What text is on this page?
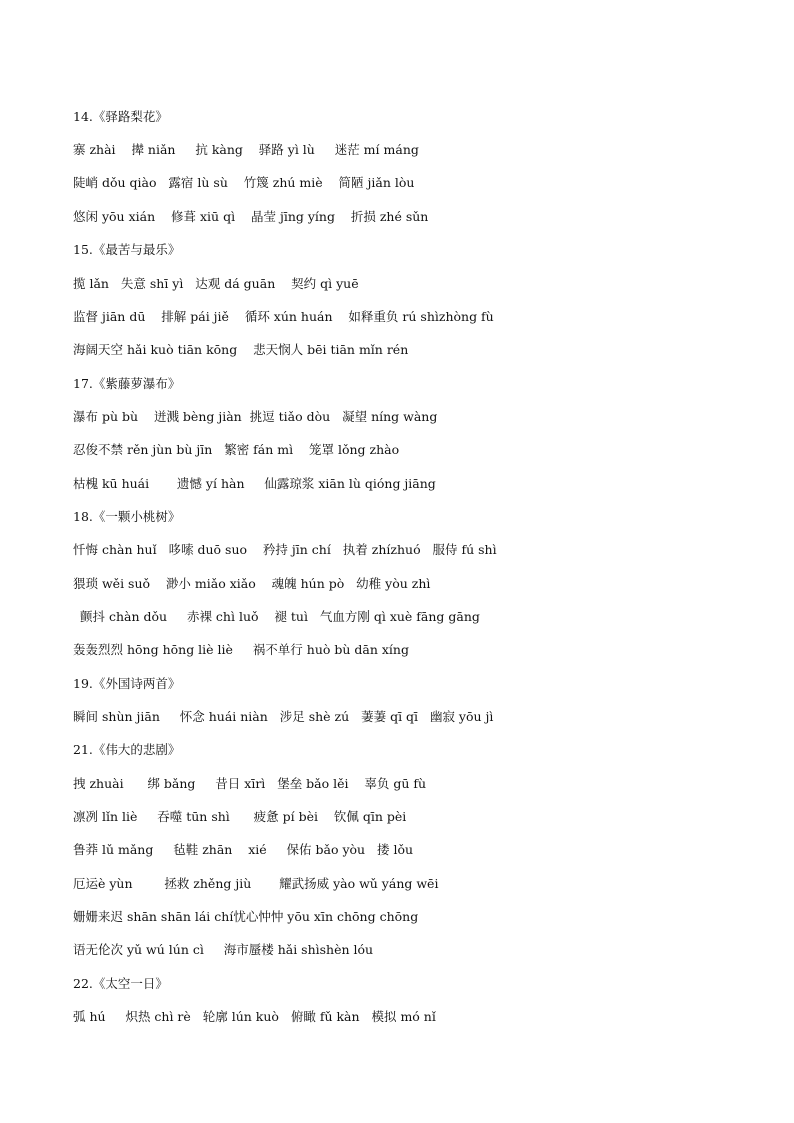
14.《驿路梨花》
寨 zhài    撵 niǎn     抗 kàng    驿路 yì lù     迷茫 mí máng
陡峭 dǒu qiào   露宿 lù sù    竹篾 zhú miè    简陋 jiǎn lòu
悠闲 yōu xián    修葺 xiū qì    晶莹 jīng yíng    折损 zhé sǔn
15.《最苦与最乐》
揽 lǎn   失意 shī yì   达观 dá guān    契约 qì yuē
监督 jiān dū    排解 pái jiě    循环 xún huán    如释重负 rú shìzhòng fù
海阔天空 hǎi kuò tiān kōng    悲天悯人 bēi tiān mǐn rén
17.《紫藤萝瀑布》
瀑布 pù bù    迸溅 bèng jiàn  挑逗 tiǎo dòu   凝望 níng wàng
忍俊不禁 rěn jùn bù jīn   繁密 fán mì    笼罩 lǒng zhào
枯槐 kū huái       遗憾 yí hàn     仙露琼浆 xiān lù qióng jiāng
18.《一颗小桃树》
忏悔 chàn huǐ   哆嗦 duō suo    矜持 jīn chí   执着 zhízhuó   服侍 fú shì
猥琐 wěi suǒ    渺小 miǎo xiǎo    魂魄 hún pò   幼稚 yòu zhì
颤抖 chàn dǒu     赤裸 chì luǒ    褪 tuì   气血方刚 qì xuè fāng gāng
轰轰烈烈 hōng hōng liè liè     祸不单行 huò bù dān xíng
19.《外国诗两首》
瞬间 shùn jiān     怀念 huái niàn   涉足 shè zú   萋萋 qī qī   幽寂 yōu jì
21.《伟大的悲剧》
拽 zhuài      绑 bǎng     昔日 xīrì   堡垒 bǎo lěi    辜负 gū fù
凛冽 lǐn liè     吞噬 tūn shì      疲惫 pí bèi    钦佩 qīn pèi
鲁莽 lǔ mǎng     毡鞋 zhān    xié     保佑 bǎo yòu   搂 lǒu
厄运è yùn        拯救 zhěng jiù       耀武扬威 yào wǔ yáng wēi
姗姗来迟 shān shān lái chí忧心忡忡 yōu xīn chōng chōng
语无伦次 yǔ wú lún cì     海市蜃楼 hǎi shìshèn lóu
22.《太空一日》
弧 hú     炽热 chì rè   轮廓 lún kuò   俯瞰 fǔ kàn   模拟 mó nǐ
